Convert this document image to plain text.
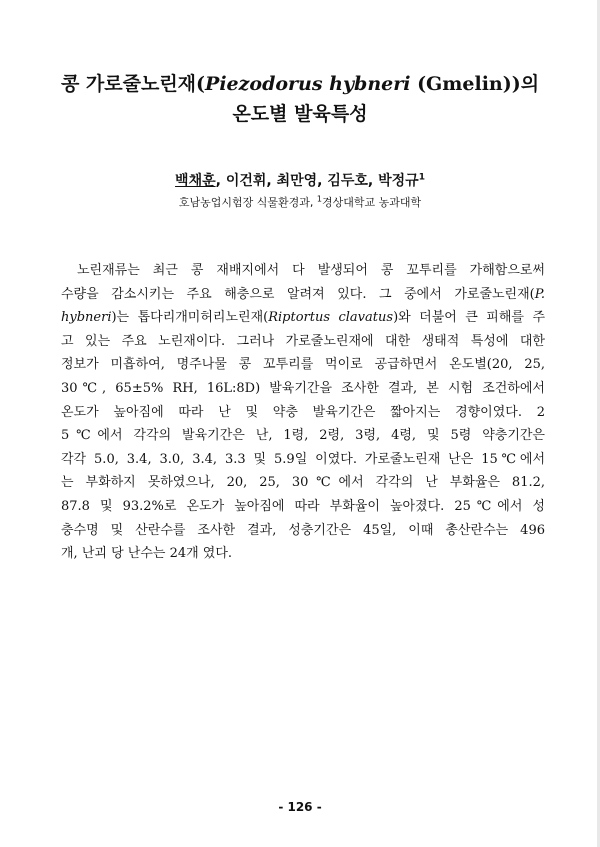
콩 가로줄노린재(Piezodorus hybneri (Gmelin))의
온도별 발육특성
백채훈, 이건휘, 최만영, 김두호, 박정규$^1$
호남농업시험장 식물환경과, $^1$경상대학교 농과대학
노린재류는 최근 콩 재배지에서 다 발생되어 콩 꼬투리를 가해함으로써
수량을 감소시키는 주요 해충으로 알려져 있다. 그 중에서 가로줄노린재(P.
hybneri)는 톱다리개미허리노린재(Riptortus clavatus)와 더불어 큰 피해를 주
고 있는 주요 노린재이다. 그러나 가로줄노린재에 대한 생태적 특성에 대한
정보가 미흡하여, 명주나물 콩 꼬투리를 먹이로 공급하면서 온도별(20, 25,
30℃, 65±5% RH, 16L:8D) 발육기간을 조사한 결과, 본 시험 조건하에서
온도가 높아짐에 따라 난 및 약충 발육기간은 짧아지는 경향이였다. 2
5℃에서 각각의 발육기간은 난, 1령, 2령, 3령, 4령, 및 5령 약충기간은
각각 5.0, 3.4, 3.0, 3.4, 3.3 및 5.9일 이였다. 가로줄노린재 난은 15℃에서
는 부화하지 못하였으나, 20, 25, 30℃에서 각각의 난 부화율은 81.2,
87.8 및 93.2%로 온도가 높아짐에 따라 부화율이 높아졌다. 25℃에서 성
충수명 및 산란수를 조사한 결과, 성충기간은 45일, 이때 총산란수는 496
개, 난괴 당 난수는 24개 였다.
- 126 -
